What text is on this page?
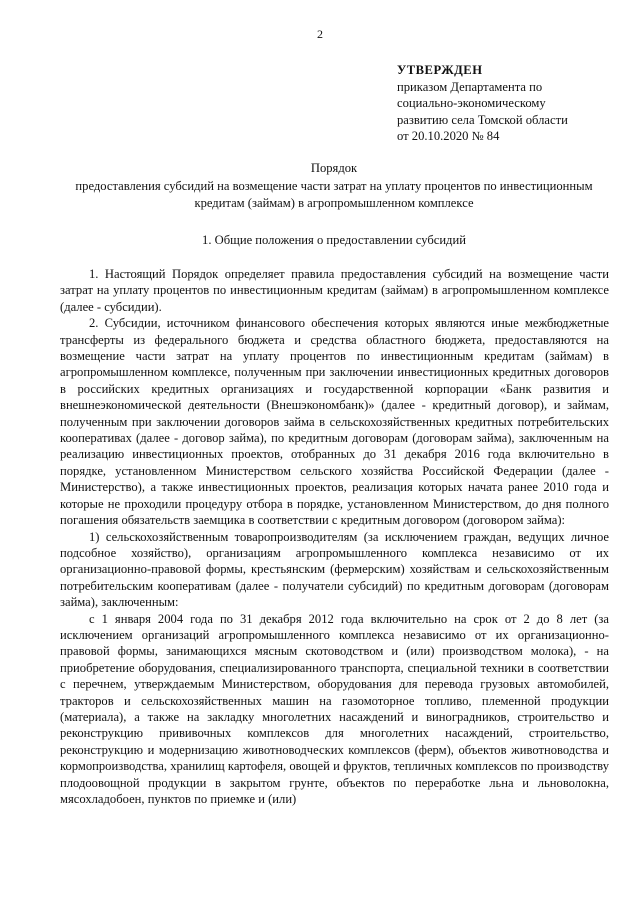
2
УТВЕРЖДЕН
приказом Департамента по
социально-экономическому
развитию села Томской области
от 20.10.2020 № 84
Порядок
предоставления субсидий на возмещение части затрат на уплату процентов по инвестиционным кредитам (займам) в агропромышленном комплексе
1. Общие положения о предоставлении субсидий

1. Настоящий Порядок определяет правила предоставления субсидий на возмещение части затрат на уплату процентов по инвестиционным кредитам (займам) в агропромышленном комплексе (далее - субсидии).

2. Субсидии, источником финансового обеспечения которых являются иные межбюджетные трансферты из федерального бюджета и средства областного бюджета, предоставляются на возмещение части затрат на уплату процентов по инвестиционным кредитам (займам) в агропромышленном комплексе, полученным при заключении инвестиционных кредитных договоров в российских кредитных организациях и государственной корпорации «Банк развития и внешнеэкономической деятельности (Внешэкономбанк)» (далее - кредитный договор), и займам, полученным при заключении договоров займа в сельскохозяйственных кредитных потребительских кооперативах (далее - договор займа), по кредитным договорам (договорам займа), заключенным на реализацию инвестиционных проектов, отобранных до 31 декабря 2016 года включительно в порядке, установленном Министерством сельского хозяйства Российской Федерации (далее - Министерство), а также инвестиционных проектов, реализация которых начата ранее 2010 года и которые не проходили процедуру отбора в порядке, установленном Министерством, до дня полного погашения обязательств заемщика в соответствии с кредитным договором (договором займа):

1) сельскохозяйственным товаропроизводителям (за исключением граждан, ведущих личное подсобное хозяйство), организациям агропромышленного комплекса независимо от их организационно-правовой формы, крестьянским (фермерским) хозяйствам и сельскохозяйственным потребительским кооперативам (далее - получатели субсидий) по кредитным договорам (договорам займа), заключенным:

с 1 января 2004 года по 31 декабря 2012 года включительно на срок от 2 до 8 лет (за исключением организаций агропромышленного комплекса независимо от их организационно-правовой формы, занимающихся мясным скотоводством и (или) производством молока), - на приобретение оборудования, специализированного транспорта, специальной техники в соответствии с перечнем, утверждаемым Министерством, оборудования для перевода грузовых автомобилей, тракторов и сельскохозяйственных машин на газомоторное топливо, племенной продукции (материала), а также на закладку многолетних насаждений и виноградников, строительство и реконструкцию прививочных комплексов для многолетних насаждений, строительство, реконструкцию и модернизацию животноводческих комплексов (ферм), объектов животноводства и кормопроизводства, хранилищ картофеля, овощей и фруктов, тепличных комплексов по производству плодоовощной продукции в закрытом грунте, объектов по переработке льна и льноволокна, мясохладобоен, пунктов по приемке и (или)
